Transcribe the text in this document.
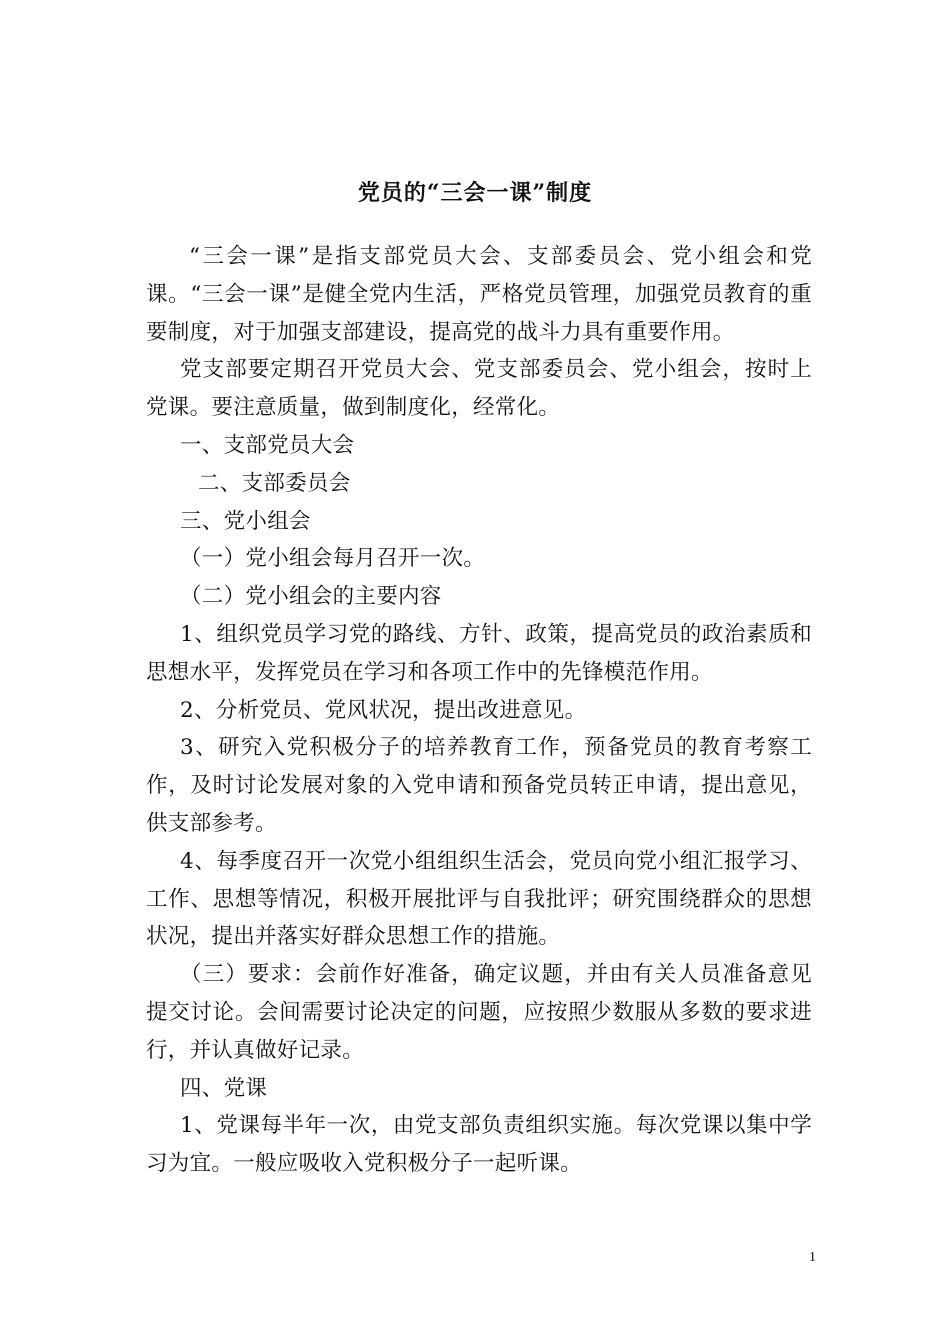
党员的“三会一课”制度

“三会一课”是指支部党员大会、支部委员会、党小组会和党课。“三会一课”是健全党内生活，严格党员管理，加强党员教育的重要制度，对于加强支部建设，提高党的战斗力具有重要作用。

党支部要定期召开党员大会、党支部委员会、党小组会，按时上党课。要注意质量，做到制度化，经常化。

一、支部党员大会

二、支部委员会

三、党小组会

（一）党小组会每月召开一次。

（二）党小组会的主要内容

1、组织党员学习党的路线、方针、政策，提高党员的政治素质和思想水平，发挥党员在学习和各项工作中的先锋模范作用。

2、分析党员、党风状况，提出改进意见。

3、研究入党积极分子的培养教育工作，预备党员的教育考察工作，及时讨论发展对象的入党申请和预备党员转正申请，提出意见，供支部参考。

4、每季度召开一次党小组组织生活会，党员向党小组汇报学习、工作、思想等情况，积极开展批评与自我批评；研究围绕群众的思想状况，提出并落实好群众思想工作的措施。

（三）要求：会前作好准备，确定议题，并由有关人员准备意见提交讨论。会间需要讨论决定的问题，应按照少数服从多数的要求进行，并认真做好记录。

四、党课

1、党课每半年一次，由党支部负责组织实施。每次党课以集中学习为宜。一般应吸收入党积极分子一起听课。

1
